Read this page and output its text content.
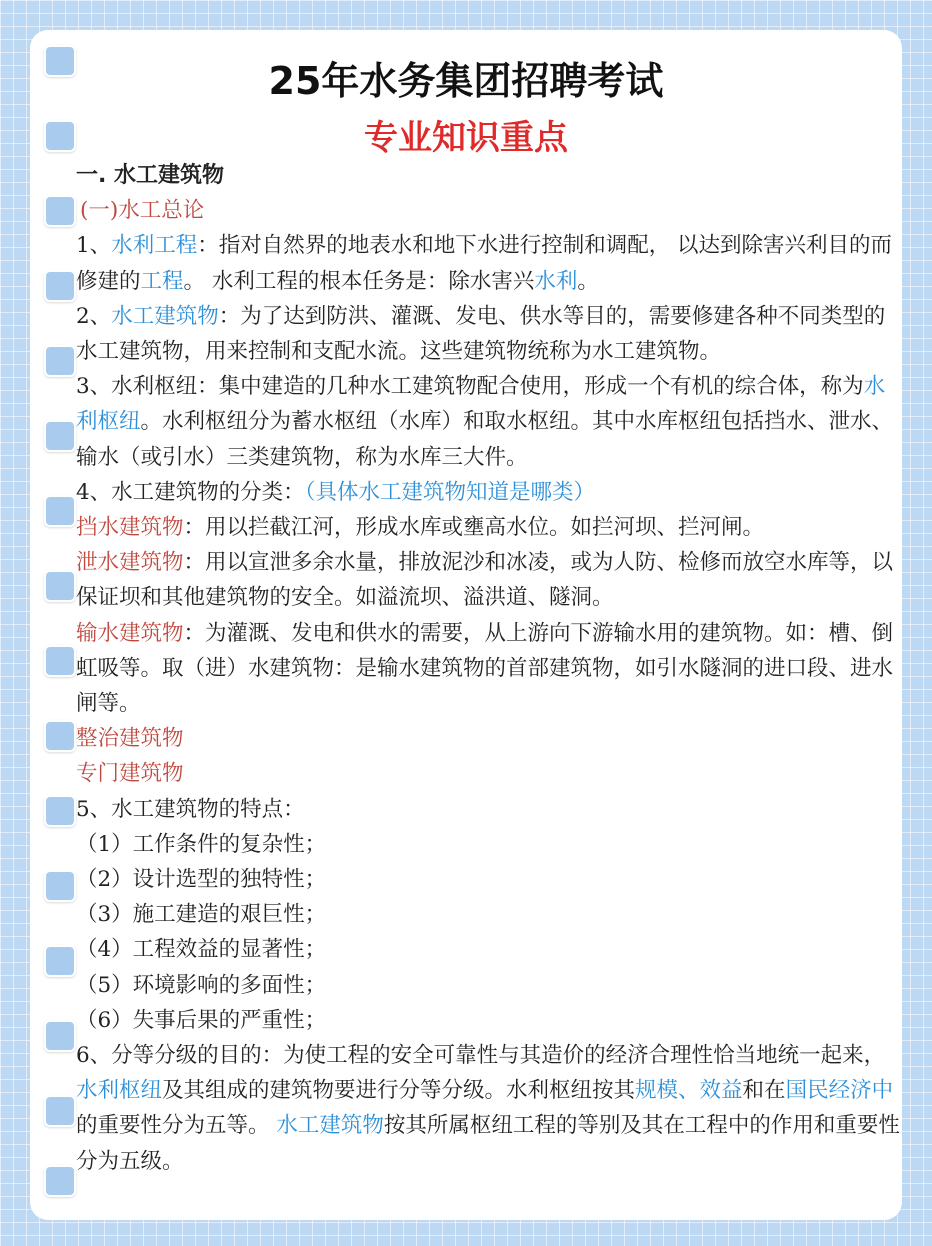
25年水务集团招聘考试
专业知识重点

一. 水工建筑物

(一)水工总论

1、水利工程：指对自然界的地表水和地下水进行控制和调配， 以达到除害兴利目的而修建的工程。 水利工程的根本任务是：除水害兴水利。

2、水工建筑物：为了达到防洪、灌溉、发电、供水等目的，需要修建各种不同类型的水工建筑物，用来控制和支配水流。这些建筑物统称为水工建筑物。

3、水利枢纽：集中建造的几种水工建筑物配合使用，形成一个有机的综合体，称为水利枢纽。水利枢纽分为蓄水枢纽（水库）和取水枢纽。其中水库枢纽包括挡水、泄水、输水（或引水）三类建筑物，称为水库三大件。

4、水工建筑物的分类：（具体水工建筑物知道是哪类）

挡水建筑物：用以拦截江河，形成水库或壅高水位。如拦河坝、拦河闸。

泄水建筑物：用以宣泄多余水量，排放泥沙和冰凌，或为人防、检修而放空水库等，以保证坝和其他建筑物的安全。如溢流坝、溢洪道、隧洞。

输水建筑物：为灌溉、发电和供水的需要，从上游向下游输水用的建筑物。如：槽、倒虹吸等。取（进）水建筑物：是输水建筑物的首部建筑物，如引水隧洞的进口段、进水闸等。

整治建筑物

专门建筑物

5、水工建筑物的特点：

（1）工作条件的复杂性；

（2）设计选型的独特性；

（3）施工建造的艰巨性；

（4）工程效益的显著性；

（5）环境影响的多面性；

（6）失事后果的严重性；

6、分等分级的目的：为使工程的安全可靠性与其造价的经济合理性恰当地统一起来，水利枢纽及其组成的建筑物要进行分等分级。水利枢纽按其规模、效益和在国民经济中的重要性分为五等。 水工建筑物按其所属枢纽工程的等别及其在工程中的作用和重要性分为五级。
